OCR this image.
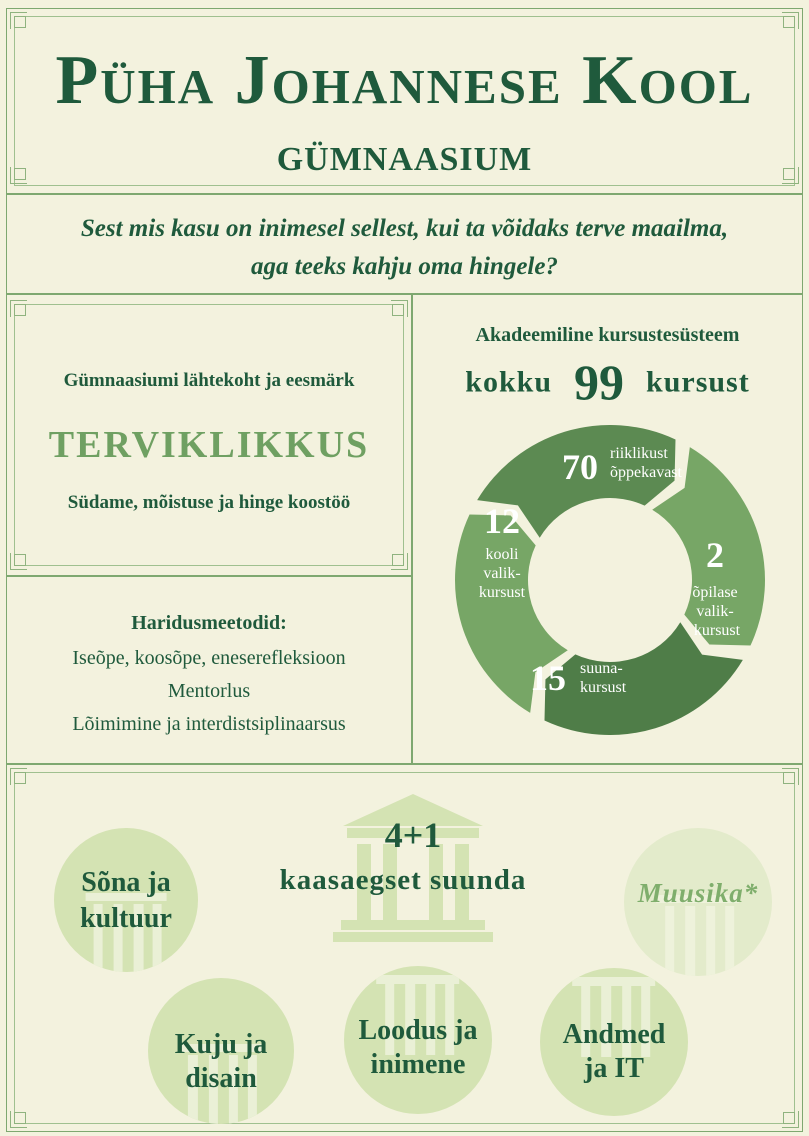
Püha Johannese Kool
GÜMNAASIUM
Sest mis kasu on inimesel sellest, kui ta võidaks terve maailma,
aga teeks kahju oma hingele?
Gümnaasiumi lähtekoht ja eesmärk
TERVIKLIKKUS
Südame, mõistuse ja hinge koostöö
Haridusmeetodid:
Iseõpe, koosõpe, eneserefleksioon
Mentorlus
Lõimimine ja interdistsiplinaarsus
Akadeemiline kursustesüsteem
kokku 99 kursust
70 riiklikust
õppekavast
2
õpilase
valik-
kursust
15 suuna-
kursust
12
kooli
valik-
kursust
4+1
kaasaegset suunda
Sõna ja
kultuur
Muusika*
Kuju ja
disain
Loodus ja
inimene
Andmed
ja IT
